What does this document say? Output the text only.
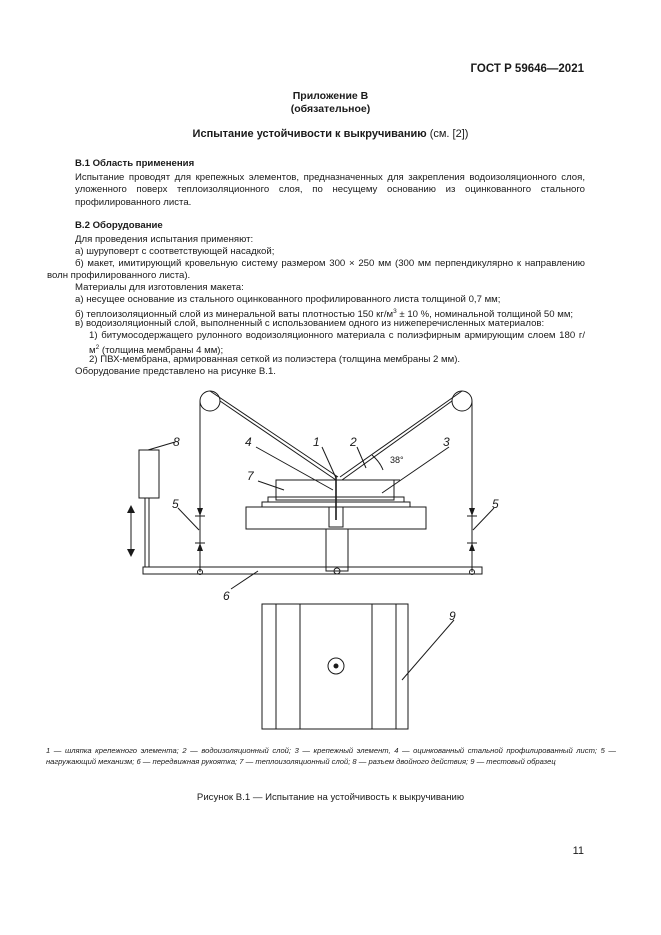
ГОСТ Р 59646—2021
Приложение В
(обязательное)
Испытание устойчивости к выкручиванию (см. [2])
В.1 Область применения
Испытание проводят для крепежных элементов, предназначенных для закрепления водоизоляционного слоя, уложенного поверх теплоизоляционного слоя, по несущему основанию из оцинкованного стального профилированного листа.
В.2 Оборудование
Для проведения испытания применяют:
а) шуруповерт с соответствующей насадкой;
б) макет, имитирующий кровельную систему размером 300 × 250 мм (300 мм перпендикулярно к направлению волн профилированного листа).
Материалы для изготовления макета:
а) несущее основание из стального оцинкованного профилированного листа толщиной 0,7 мм;
б) теплоизоляционный слой из минеральной ваты плотностью 150 $кг/м^3 \pm 10$ %, номинальной толщиной 50 мм;
в) водоизоляционный слой, выполненный с использованием одного из нижеперечисленных материалов:
1) битумосодержащего рулонного водоизоляционного материала с полиэфирным армирующим слоем 180 $г/м^2$ (толщина мембраны 4 мм);
2) ПВХ-мембрана, армированная сеткой из полиэстера (толщина мембраны 2 мм).
Оборудование представлено на рисунке В.1.
8	4	1	2	3
7
5	5
6
9
38°
1 — шляпка крепежного элемента; 2 — водоизоляционный слой; 3 — крепежный элемент, 4 — оцинкованный стальной профилированный лист; 5 — нагружающий механизм; 6 — передвижная рукоятка; 7 — теплоизоляционный слой; 8 — разъем двойного действия; 9 — тестовый образец
Рисунок В.1 — Испытание на устойчивость к выкручиванию
11
